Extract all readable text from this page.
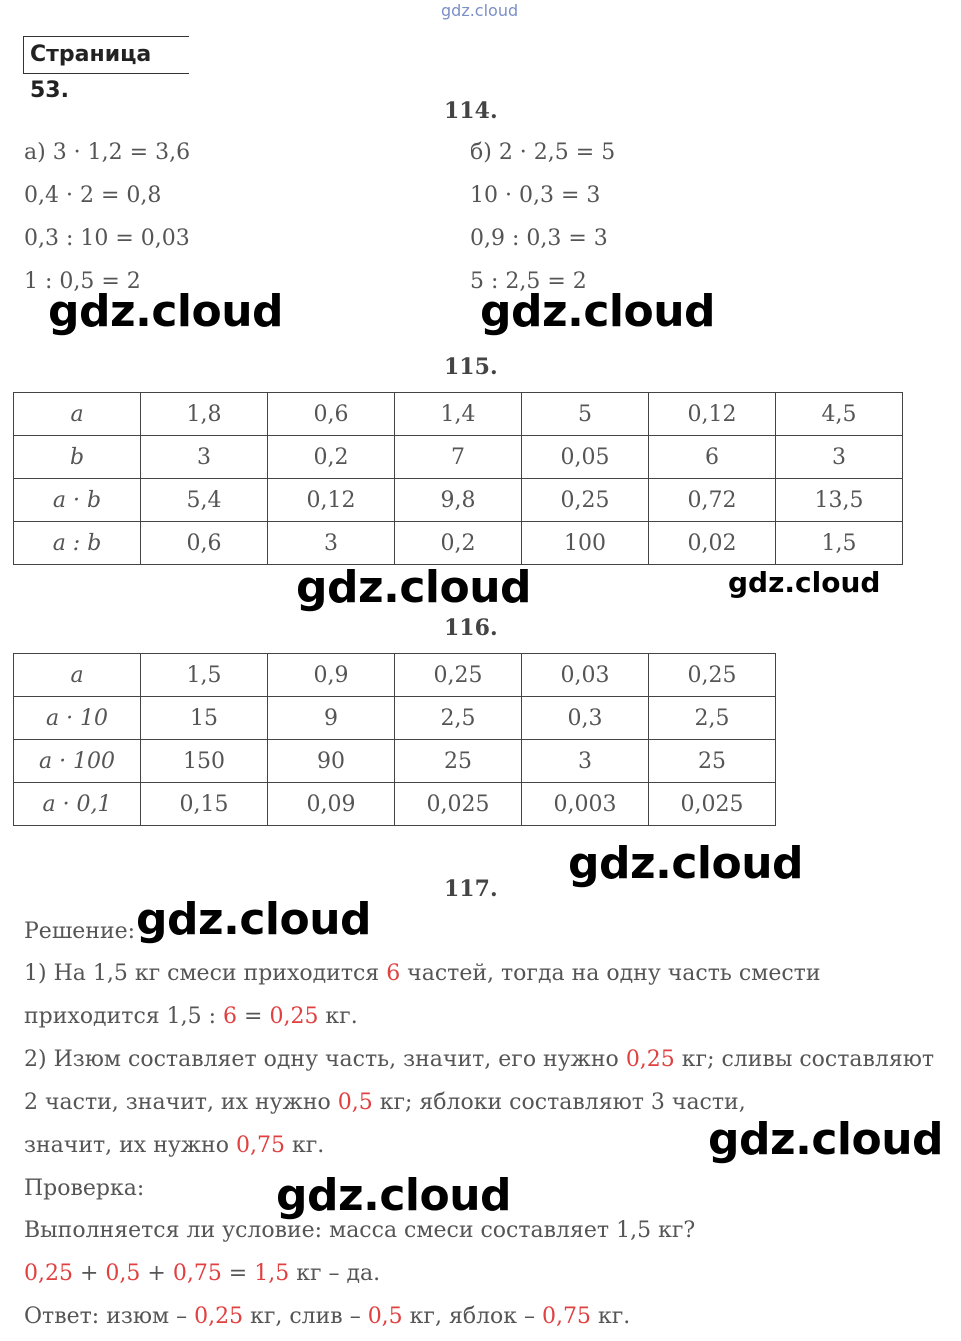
gdz.cloud
Страница 53.
114.
а) 3 · 1,2 = 3,6
0,4 · 2 = 0,8
0,3 : 10 = 0,03
1 : 0,5 = 2
б) 2 · 2,5 = 5
10 · 0,3 = 3
0,9 : 0,3 = 3
5 : 2,5 = 2
gdz.cloud	gdz.cloud
115.
a	1,8	0,6	1,4	5	0,12	4,5
b	3	0,2	7	0,05	6	3
a · b	5,4	0,12	9,8	0,25	0,72	13,5
a : b	0,6	3	0,2	100	0,02	1,5
gdz.cloud	gdz.cloud
116.
a	1,5	0,9	0,25	0,03	0,25
a · 10	15	9	2,5	0,3	2,5
a · 100	150	90	25	3	25
a · 0,1	0,15	0,09	0,025	0,003	0,025
gdz.cloud
117.
Решение: gdz.cloud
1) На 1,5 кг смеси приходится 6 частей, тогда на одну часть смести
приходится 1,5 : 6 = 0,25 кг.
2) Изюм составляет одну часть, значит, его нужно 0,25 кг; сливы составляют
2 части, значит, их нужно 0,5 кг; яблоки составляют 3 части,
значит, их нужно 0,75 кг.	gdz.cloud
Проверка:	gdz.cloud
Выполняется ли условие: масса смеси составляет 1,5 кг?
0,25 + 0,5 + 0,75 = 1,5 кг – да.
Ответ: изюм – 0,25 кг, слив – 0,5 кг, яблок – 0,75 кг.
